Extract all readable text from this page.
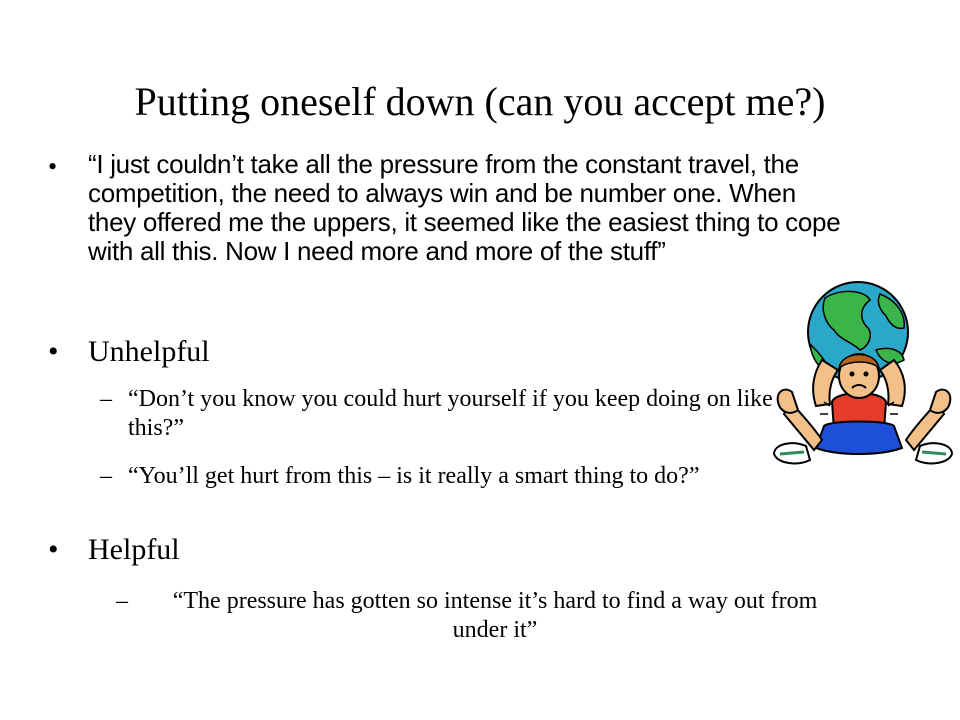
Putting oneself down (can you accept me?)
• “I just couldn’t take all the pressure from the constant travel, the competition, the need to always win and be number one. When they offered me the uppers, it seemed like the easiest thing to cope with all this. Now I need more and more of the stuff”
• Unhelpful
– “Don’t you know you could hurt yourself if you keep doing on like this?”
– “You’ll get hurt from this – is it really a smart thing to do?”
• Helpful
–	“The pressure has gotten so intense it’s hard to find a way out from under it”
